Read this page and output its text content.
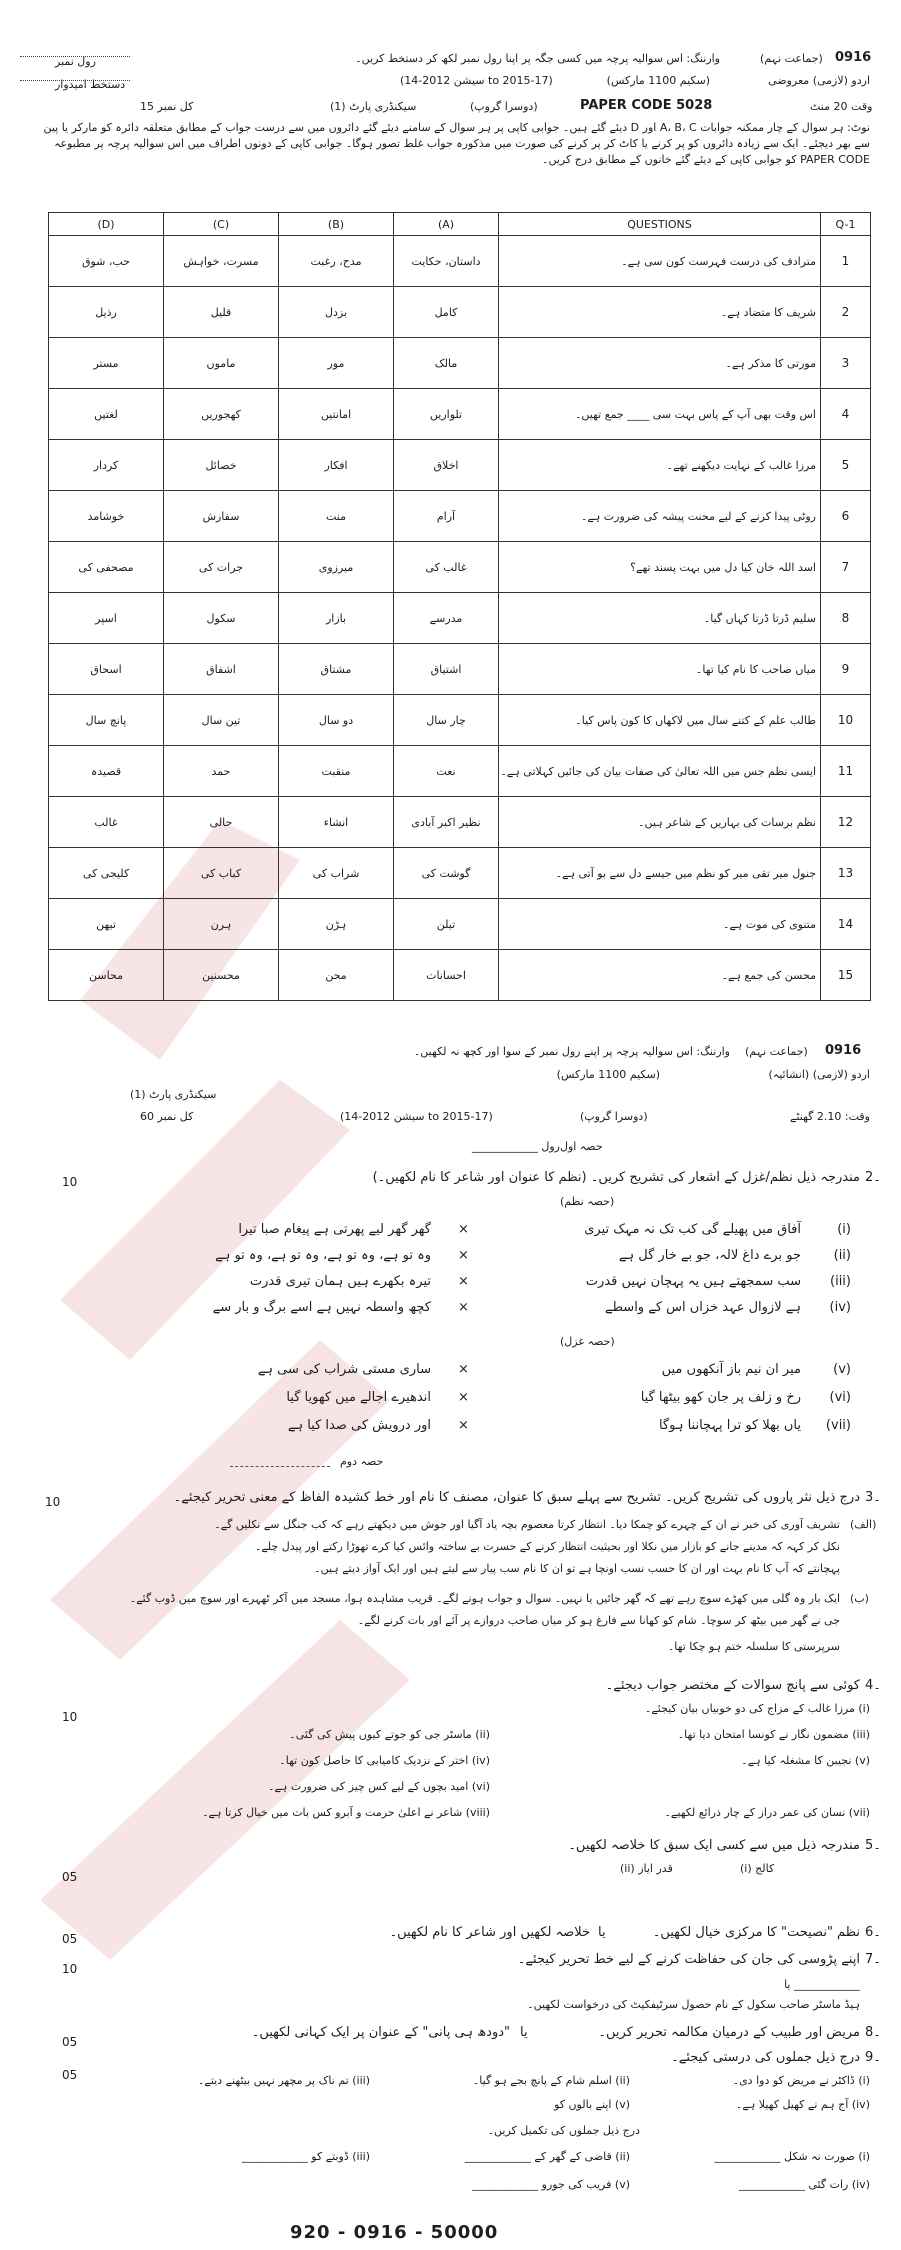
رول نمبر	وارننگ: اس سوالیہ پرچہ میں کسی جگہ پر اپنا رول نمبر لکھ کر دستخط کریں۔	(جماعت نہم) 0916
دستخط امیدوار	(سکیم 1100 مارکس)	اردو (لازمی) معروضی
(سیشن 2012-14 to 2015-17)
کل نمبر 15	سیکنڈری پارٹ (1)	(دوسرا گروپ)	PAPER CODE 5028	وقت 20 منٹ
نوٹ: ہر سوال کے چار ممکنہ جوابات A، B، C اور D دیئے گئے ہیں۔ جوابی کاپی پر ہر سوال کے سامنے دیئے گئے دائروں میں سے درست جواب کے مطابق متعلقہ دائرہ کو مارکر یا پین سے بھر دیجئے۔ ایک سے زیادہ دائروں کو پر کرنے یا کاٹ کر پر کرنے کی صورت میں مذکورہ جواب غلط تصور ہوگا۔ جوابی کاپی کے دونوں اطراف میں اس سوالیہ پرچہ پر مطبوعہ PAPER CODE کو جوابی کاپی کے دیئے گئے خانوں کے مطابق درج کریں۔
(D)	(C)	(B)	(A)	QUESTIONS	Q-1
حب، شوق	مسرت، خواہش	مدح، رغبت	داستان، حکایت	مترادف کی درست فہرست کون سی ہے۔	1
رذیل	قلیل	بزدل	کامل	شریف کا متضاد ہے۔	2
مستر	ماموں	مور	مالک	مورتی کا مذکر ہے۔	3
لغتیں	کھجوریں	امانتیں	تلواریں	اس وقت بھی آپ کے پاس بہت سی ____ جمع تھیں۔	4
کردار	خصائل	افکار	اخلاق	مرزا غالب کے نہایت دیکھنے تھے۔	5
خوشامد	سفارش	منت	آرام	روٹی پیدا کرنے کے لیے محنت پیشہ کی ضرورت ہے۔	6
مصحفی کی	جرات کی	میرزوی	غالب کی	اسد اللہ خان کیا دل میں بہت پسند تھے؟	7
اسپر	سکول	بازار	مدرسے	سلیم ڈرتا ڈرتا کہاں گیا۔	8
اسحاق	اشفاق	مشتاق	اشتیاق	میاں صاحب کا نام کیا تھا۔	9
پانچ سال	تین سال	دو سال	چار سال	طالب علم کے کتنے سال میں لاکھاں کا کون پاس کیا۔	10
قصیدہ	حمد	منقبت	نعت	ایسی نظم جس میں اللہ تعالیٰ کی صفات بیان کی جائیں کہلاتی ہے۔	11
غالب	حالی	انشاء	نظیر اکبر آبادی	نظم برسات کی بہاریں کے شاعر ہیں۔	12
کلیجی کی	کباب کی	شراب کی	گوشت کی	جنول میر تقی میر کو نظم میں جیسے دل سے بو آتی ہے۔	13
تیھن	ہرن	ہڑن	تیلن	متنوی کی موت ہے۔	14
محاسن	محسنین	محن	احسانات	محسن کی جمع ہے۔	15
وارننگ: اس سوالیہ پرچہ پر اپنے رول نمبر کے سوا اور کچھ نہ لکھیں۔ (جماعت نہم) 0916
(سکیم 1100 مارکس)	اردو (لازمی) (انشائیہ)
سیکنڈری پارٹ (1)
کل نمبر 60	(سیشن 2012-14 to 2015-17)	(دوسرا گروپ)	وقت: 2.10 گھنٹے
رول ____________ حصہ اول
10	مندرجہ ذیل نظم/غزل کے اشعار کی تشریح کریں۔ (نظم کا عنوان اور شاعر کا نام لکھیں۔) 2۔
(حصہ نظم)
(i)
آفاق میں پھیلے گی کب تک نہ مہک تیری
×
گھر گھر لیے پھرتی ہے پیغام صبا تیرا
(ii)
جو برے داغ لالہ، جو بے خار گل ہے
×
وہ تو ہے، وہ تو ہے، وہ تو ہے، وہ تو ہے
(iii)
سب سمجھتے ہیں یہ پہچان نہیں قدرت
×
تیرہ بکھرے ہیں ہمان تیری قدرت
(iv)
ہے لازوال عہد خزاں اس کے واسطے
×
کچھ واسطہ نہیں ہے اسے برگ و بار سے
(حصہ غزل)
(v)
میر ان نیم باز آنکھوں میں
×
ساری مستی شراب کی سی ہے
(vi)
رخ و زلف پر جان کھو بیٹھا گیا
×
اندھیرے اجالے میں کھویا گیا
(vii)
یاں بھلا کو ترا پہچاننا ہوگا
×
اور درویش کی صدا کیا ہے
حصہ دوم
10	درج ذیل نثر پاروں کی تشریح کریں۔ تشریح سے پہلے سبق کا عنوان، مصنف کا نام اور خط کشیدہ الفاظ کے معنی تحریر کیجئے۔ 3۔
(الف)
تشریف آوری کی خبر نے ان کے چہرے کو چمکا دیا۔ انتظار کرتا معصوم بچہ یاد آگیا اور جوش میں دیکھتے رہے کہ کب جنگل سے نکلیں گے۔
نکل کر کہہ کہ مدینے جانے کو بازار میں نکلا اور بحیثیت انتظار کرنے کے حسرت بے ساختہ وائس کیا کرے تھوڑا رکتے اور پیدل چلے۔
پہچانتے کہ آپ کا نام بہت اور ان کا حسب نسب اونچا ہے تو ان کا نام سب پیار سے لیتے ہیں اور ایک آواز دیتے ہیں۔
(ب)
ایک بار وہ گلی میں کھڑے سوچ رہے تھے کہ گھر جائیں یا نہیں۔ سوال و جواب ہونے لگے۔ قریب مشاہدہ ہوا، مسجد میں آکر ٹھہرے اور سوچ میں ڈوب گئے۔
جی نے گھر میں بیٹھ کر سوچا۔ شام کو کھانا سے فارغ ہو کر میاں صاحب دروازے پر آئے اور بات کرنے لگے۔
سرپرستی کا سلسلہ ختم ہو چکا تھا۔
10
کوئی سے پانچ سوالات کے مختصر جواب دیجئے۔ 4۔
(i) مرزا غالب کے مزاج کی دو خوبیاں بیان کیجئے۔
(ii) ماسٹر جی کو جوتے کیوں پیش کی گئی۔	(iii) مضمون نگار نے کونسا امتحان دیا تھا۔
(iv) اختر کے نزدیک کامیابی کا حاصل کون تھا۔	(v) نجیبن کا مشغلہ کیا ہے۔
(vi) امید بچوں کے لیے کس چیز کی ضرورت ہے۔
(vii) نسان کی عمر دراز کے چار ذرائع لکھیے۔
(viii) شاعر نے اعلیٰ حرمت و آبرو کس بات میں خیال کرتا ہے۔
05
مندرجہ ذیل میں سے کسی ایک سبق کا خلاصہ لکھیں۔ 5۔
(i) کالج
(ii) قدر ایاز
05	نظم "نصیحت" کا مرکزی خیال لکھیں۔
یا
خلاصہ لکھیں اور شاعر کا نام لکھیں۔	6۔
10
اپنے پڑوسی کی جان کی حفاظت کرنے کے لیے خط تحریر کیجئے۔ 7۔
____________ یا
ہیڈ ماسٹر صاحب سکول کے نام حصول سرٹیفکیٹ کی درخواست لکھیں۔
05
مریض اور طبیب کے درمیان مکالمہ تحریر کریں۔
یا
"دودھ ہی پانی" کے عنوان پر ایک کہانی لکھیں۔	8۔
05
درج ذیل جملوں کی درستی کیجئے۔ 9۔
(i) ڈاکٹر نے مریض کو دوا دی۔
(ii) اسلم شام کے پانچ بجے ہو گیا۔
(iii) تم ناک پر مچھر نہیں بیٹھنے دیتے۔
(iv) آج ہم نے کھیل کھیلا ہے۔
(v) اپنے بالوں کو
درج ذیل جملوں کی تکمیل کریں۔
(i) صورت نہ شکل ____________
(ii) قاضی کے گھر کے ____________
(iii) ڈوبتے کو ____________
(iv) رات گئی ____________
(v) فریب کی جورو ____________
920 - 0916 - 50000
